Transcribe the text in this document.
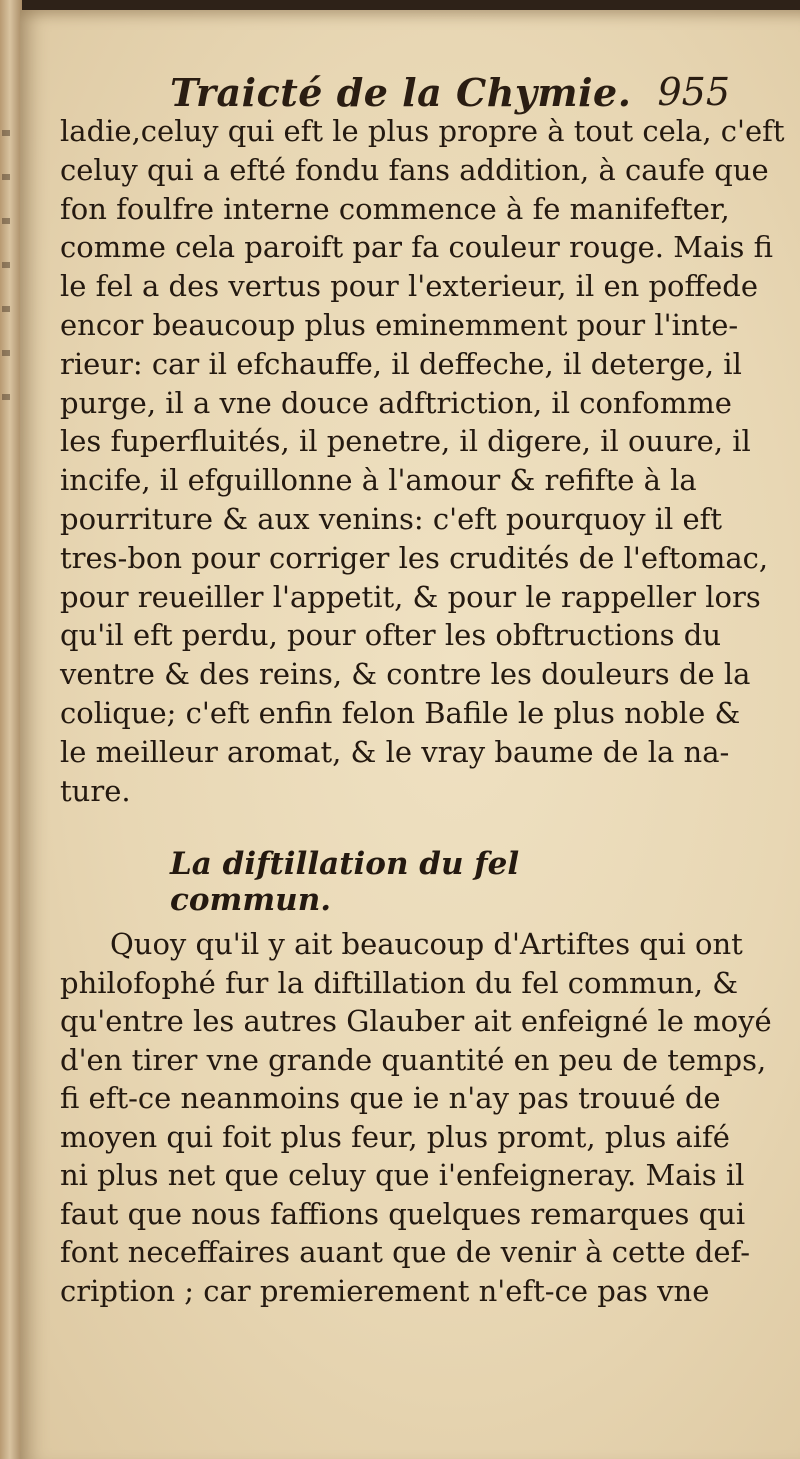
Traicté de la Chymie. 955
ladie,celuy qui eft le plus propre à tout cela, c'eft
celuy qui a efté fondu fans addition, à caufe que
fon foulfre interne commence à fe manifefter,
comme cela paroift par fa couleur rouge. Mais fi
le fel a des vertus pour l'exterieur, il en poffede
encor beaucoup plus eminemment pour l'inte-
rieur: car il efchauffe, il deffeche, il deterge, il
purge, il a vne douce adftriction, il confomme
les fuperfluités, il penetre, il digere, il ouure, il
incife, il efguillonne à l'amour & refifte à la
pourriture & aux venins: c'eft pourquoy il eft
tres-bon pour corriger les crudités de l'eftomac,
pour reueiller l'appetit, & pour le rappeller lors
qu'il eft perdu, pour ofter les obftructions du
ventre & des reins, & contre les douleurs de la
colique; c'eft enfin felon Bafile le plus noble &
le meilleur aromat, & le vray baume de la na-
ture.
La diftillation du fel commun.
Quoy qu'il y ait beaucoup d'Artiftes qui ont
philofophé fur la diftillation du fel commun, &
qu'entre les autres Glauber ait enfeigné le moyé
d'en tirer vne grande quantité en peu de temps,
fi eft-ce neanmoins que ie n'ay pas trouué de
moyen qui foit plus feur, plus promt, plus aifé
ni plus net que celuy que i'enfeigneray. Mais il
faut que nous faffions quelques remarques qui
font neceffaires auant que de venir à cette def-
cription ; car premierement n'eft-ce pas vne
